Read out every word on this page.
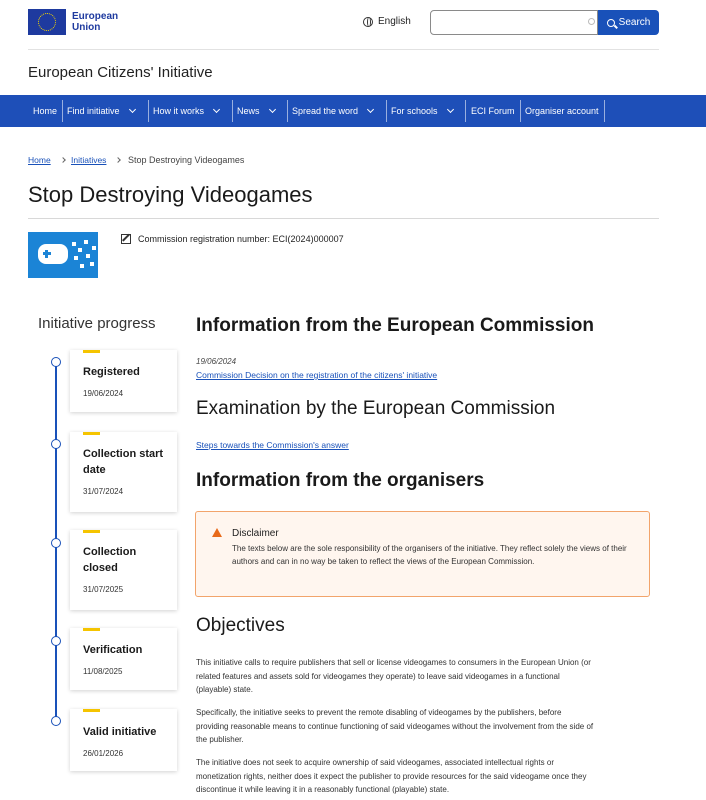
European
Union
English	Search
European Citizens' Initiative
Home Find initiative	How it works	News	Spread the word	For schools	ECI Forum Organiser account
Home Initiatives Stop Destroying Videogames
Stop Destroying Videogames
Commission registration number: ECI(2024)000007
Initiative progress
Registered
19/06/2024
Collection start date
31/07/2024
Collection closed
31/07/2025
Verification
11/08/2025
Valid initiative
26/01/2026
Information from the European Commission
19/06/2024
Commission Decision on the registration of the citizens' initiative
Examination by the European Commission
Steps towards the Commission's answer
Information from the organisers
Disclaimer
The texts below are the sole responsibility of the organisers of the initiative. They reflect solely the views of their authors and can in no way be taken to reflect the views of the European Commission.
Objectives
This initiative calls to require publishers that sell or license videogames to consumers in the European Union (or related features and assets sold for videogames they operate) to leave said videogames in a functional (playable) state.
Specifically, the initiative seeks to prevent the remote disabling of videogames by the publishers, before providing reasonable means to continue functioning of said videogames without the involvement from the side of the publisher.
The initiative does not seek to acquire ownership of said videogames, associated intellectual rights or monetization rights, neither does it expect the publisher to provide resources for the said videogame once they discontinue it while leaving it in a reasonably functional (playable) state.
